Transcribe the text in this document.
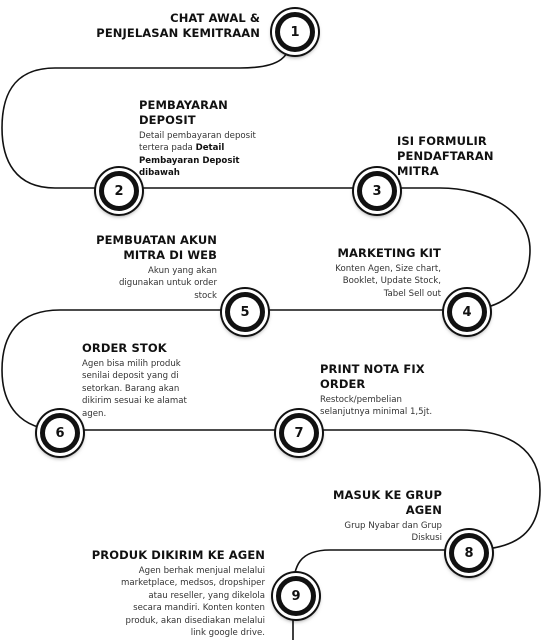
1
2	3
4
5
6	7
8
9
CHAT AWAL &
PENJELASAN KEMITRAAN
PEMBAYARAN
DEPOSIT
Detail pembayaran deposit
tertera pada Detail
Pembayaran Deposit
dibawah
ISI FORMULIR
PENDAFTARAN
MITRA
MARKETING KIT
Konten Agen, Size chart,
Booklet, Update Stock,
Tabel Sell out
PEMBUATAN AKUN
MITRA DI WEB
Akun yang akan
digunakan untuk order
stock
ORDER STOK
Agen bisa milih produk
senilai deposit yang di
setorkan. Barang akan
dikirim sesuai ke alamat
agen.
PRINT NOTA FIX
ORDER
Restock/pembelian
selanjutnya minimal 1,5jt.
MASUK KE GRUP
AGEN
Grup Nyabar dan Grup
Diskusi
PRODUK DIKIRIM KE AGEN
Agen berhak menjual melalui
marketplace, medsos, dropshiper
atau reseller, yang dikelola
secara mandiri. Konten konten
produk, akan disediakan melalui
link google drive.
